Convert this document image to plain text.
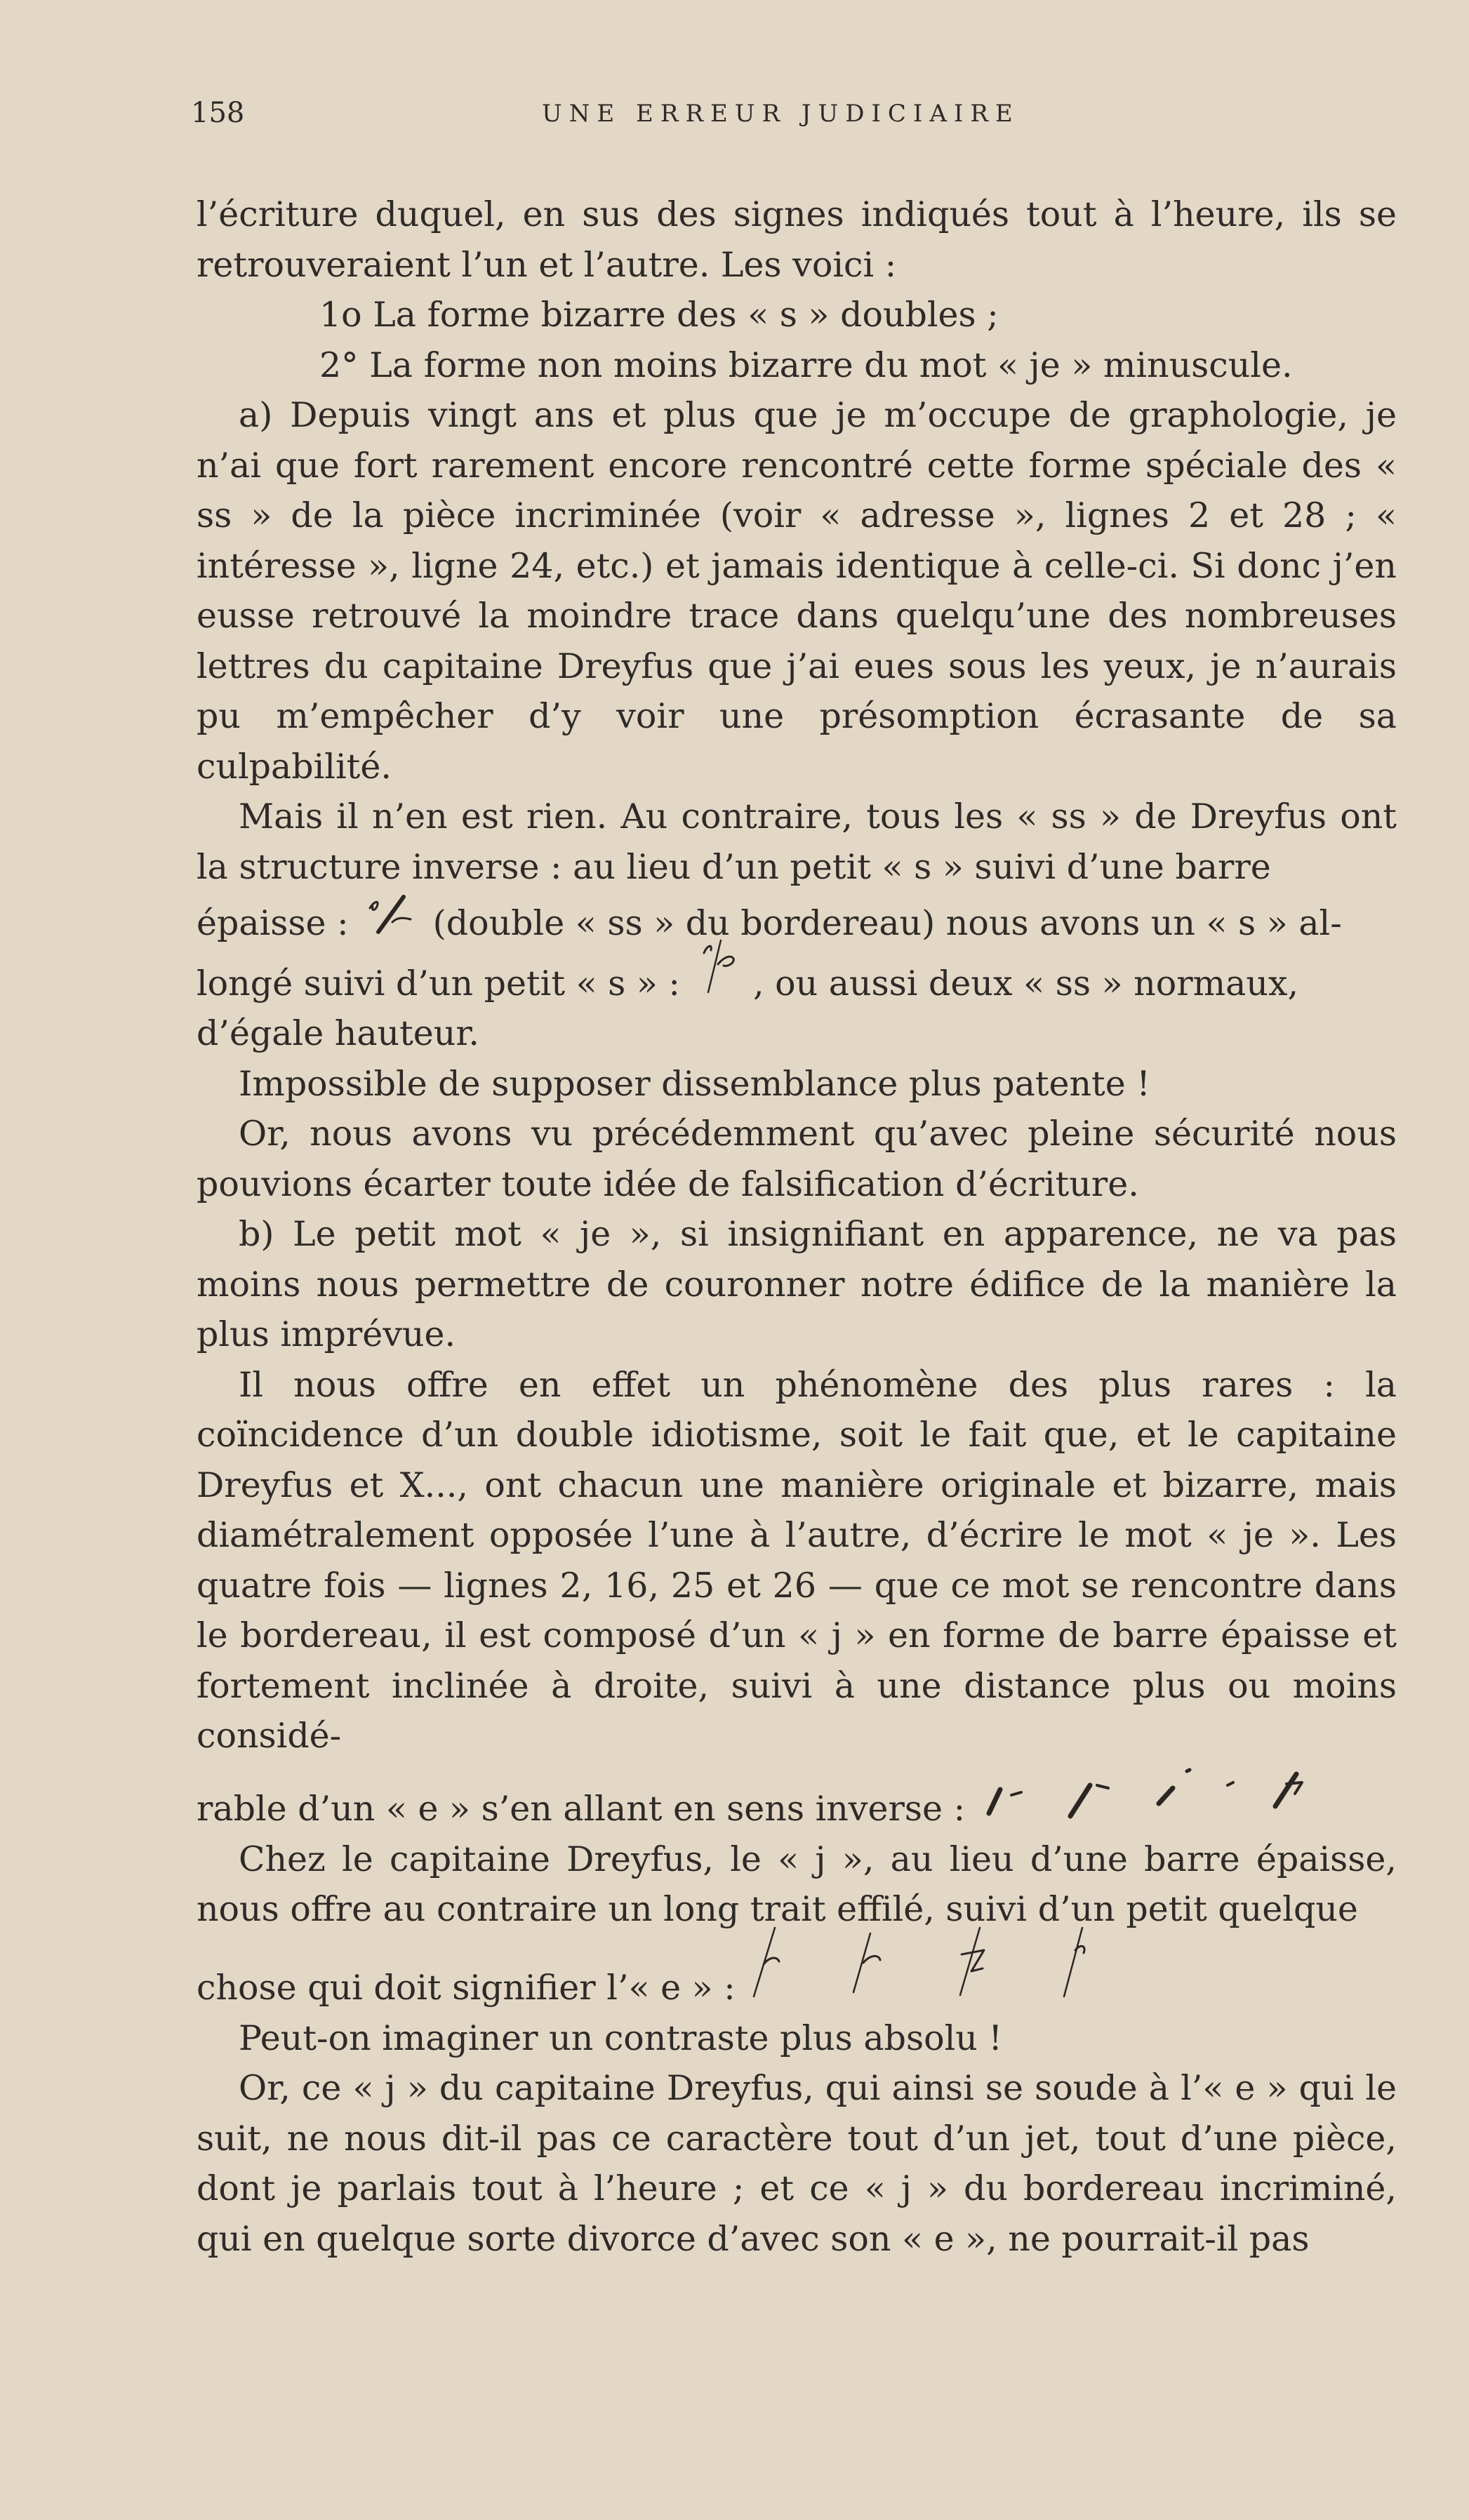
158	UNE ERREUR JUDICIAIRE

l’écriture duquel, en sus des signes indiqués tout à l’heure, ils se retrouveraient l’un et l’autre. Les voici :

1o La forme bizarre des « s » doubles ;

2° La forme non moins bizarre du mot « je » minuscule.

a) Depuis vingt ans et plus que je m’occupe de graphologie, je n’ai que fort rarement encore rencontré cette forme spéciale des « ss » de la pièce incriminée (voir « adresse », lignes 2 et 28 ; « intéresse », ligne 24, etc.) et jamais identique à celle-ci. Si donc j’en eusse retrouvé la moindre trace dans quelqu’une des nombreuses lettres du capitaine Dreyfus que j’ai eues sous les yeux, je n’aurais pu m’empêcher d’y voir une présomption écrasante de sa culpabilité.

Mais il n’en est rien. Au contraire, tous les « ss » de Dreyfus ont la structure inverse : au lieu d’un petit « s » suivi d’une barre

épaisse : (double « ss » du bordereau) nous avons un « s » al-

longé suivi d’un petit « s » : , ou aussi deux « ss » normaux,

d’égale hauteur.

Impossible de supposer dissemblance plus patente !

Or, nous avons vu précédemment qu’avec pleine sécurité nous pouvions écarter toute idée de falsification d’écriture.

b) Le petit mot « je », si insignifiant en apparence, ne va pas moins nous permettre de couronner notre édifice de la manière la plus imprévue.

Il nous offre en effet un phénomène des plus rares : la coïncidence d’un double idiotisme, soit le fait que, et le capitaine Dreyfus et X..., ont chacun une manière originale et bizarre, mais diamétralement opposée l’une à l’autre, d’écrire le mot « je ». Les quatre fois — lignes 2, 16, 25 et 26 — que ce mot se rencontre dans le bordereau, il est composé d’un « j » en forme de barre épaisse et fortement inclinée à droite, suivi à une distance plus ou moins considé-

rable d’un « e » s’en allant en sens inverse :

Chez le capitaine Dreyfus, le « j », au lieu d’une barre épaisse, nous offre au contraire un long trait effilé, suivi d’un petit quelque

chose qui doit signifier l’« e » :

Peut-on imaginer un contraste plus absolu !

Or, ce « j » du capitaine Dreyfus, qui ainsi se soude à l’« e » qui le suit, ne nous dit-il pas ce caractère tout d’un jet, tout d’une pièce, dont je parlais tout à l’heure ; et ce « j » du bordereau incriminé, qui en quelque sorte divorce d’avec son « e », ne pourrait-il pas
